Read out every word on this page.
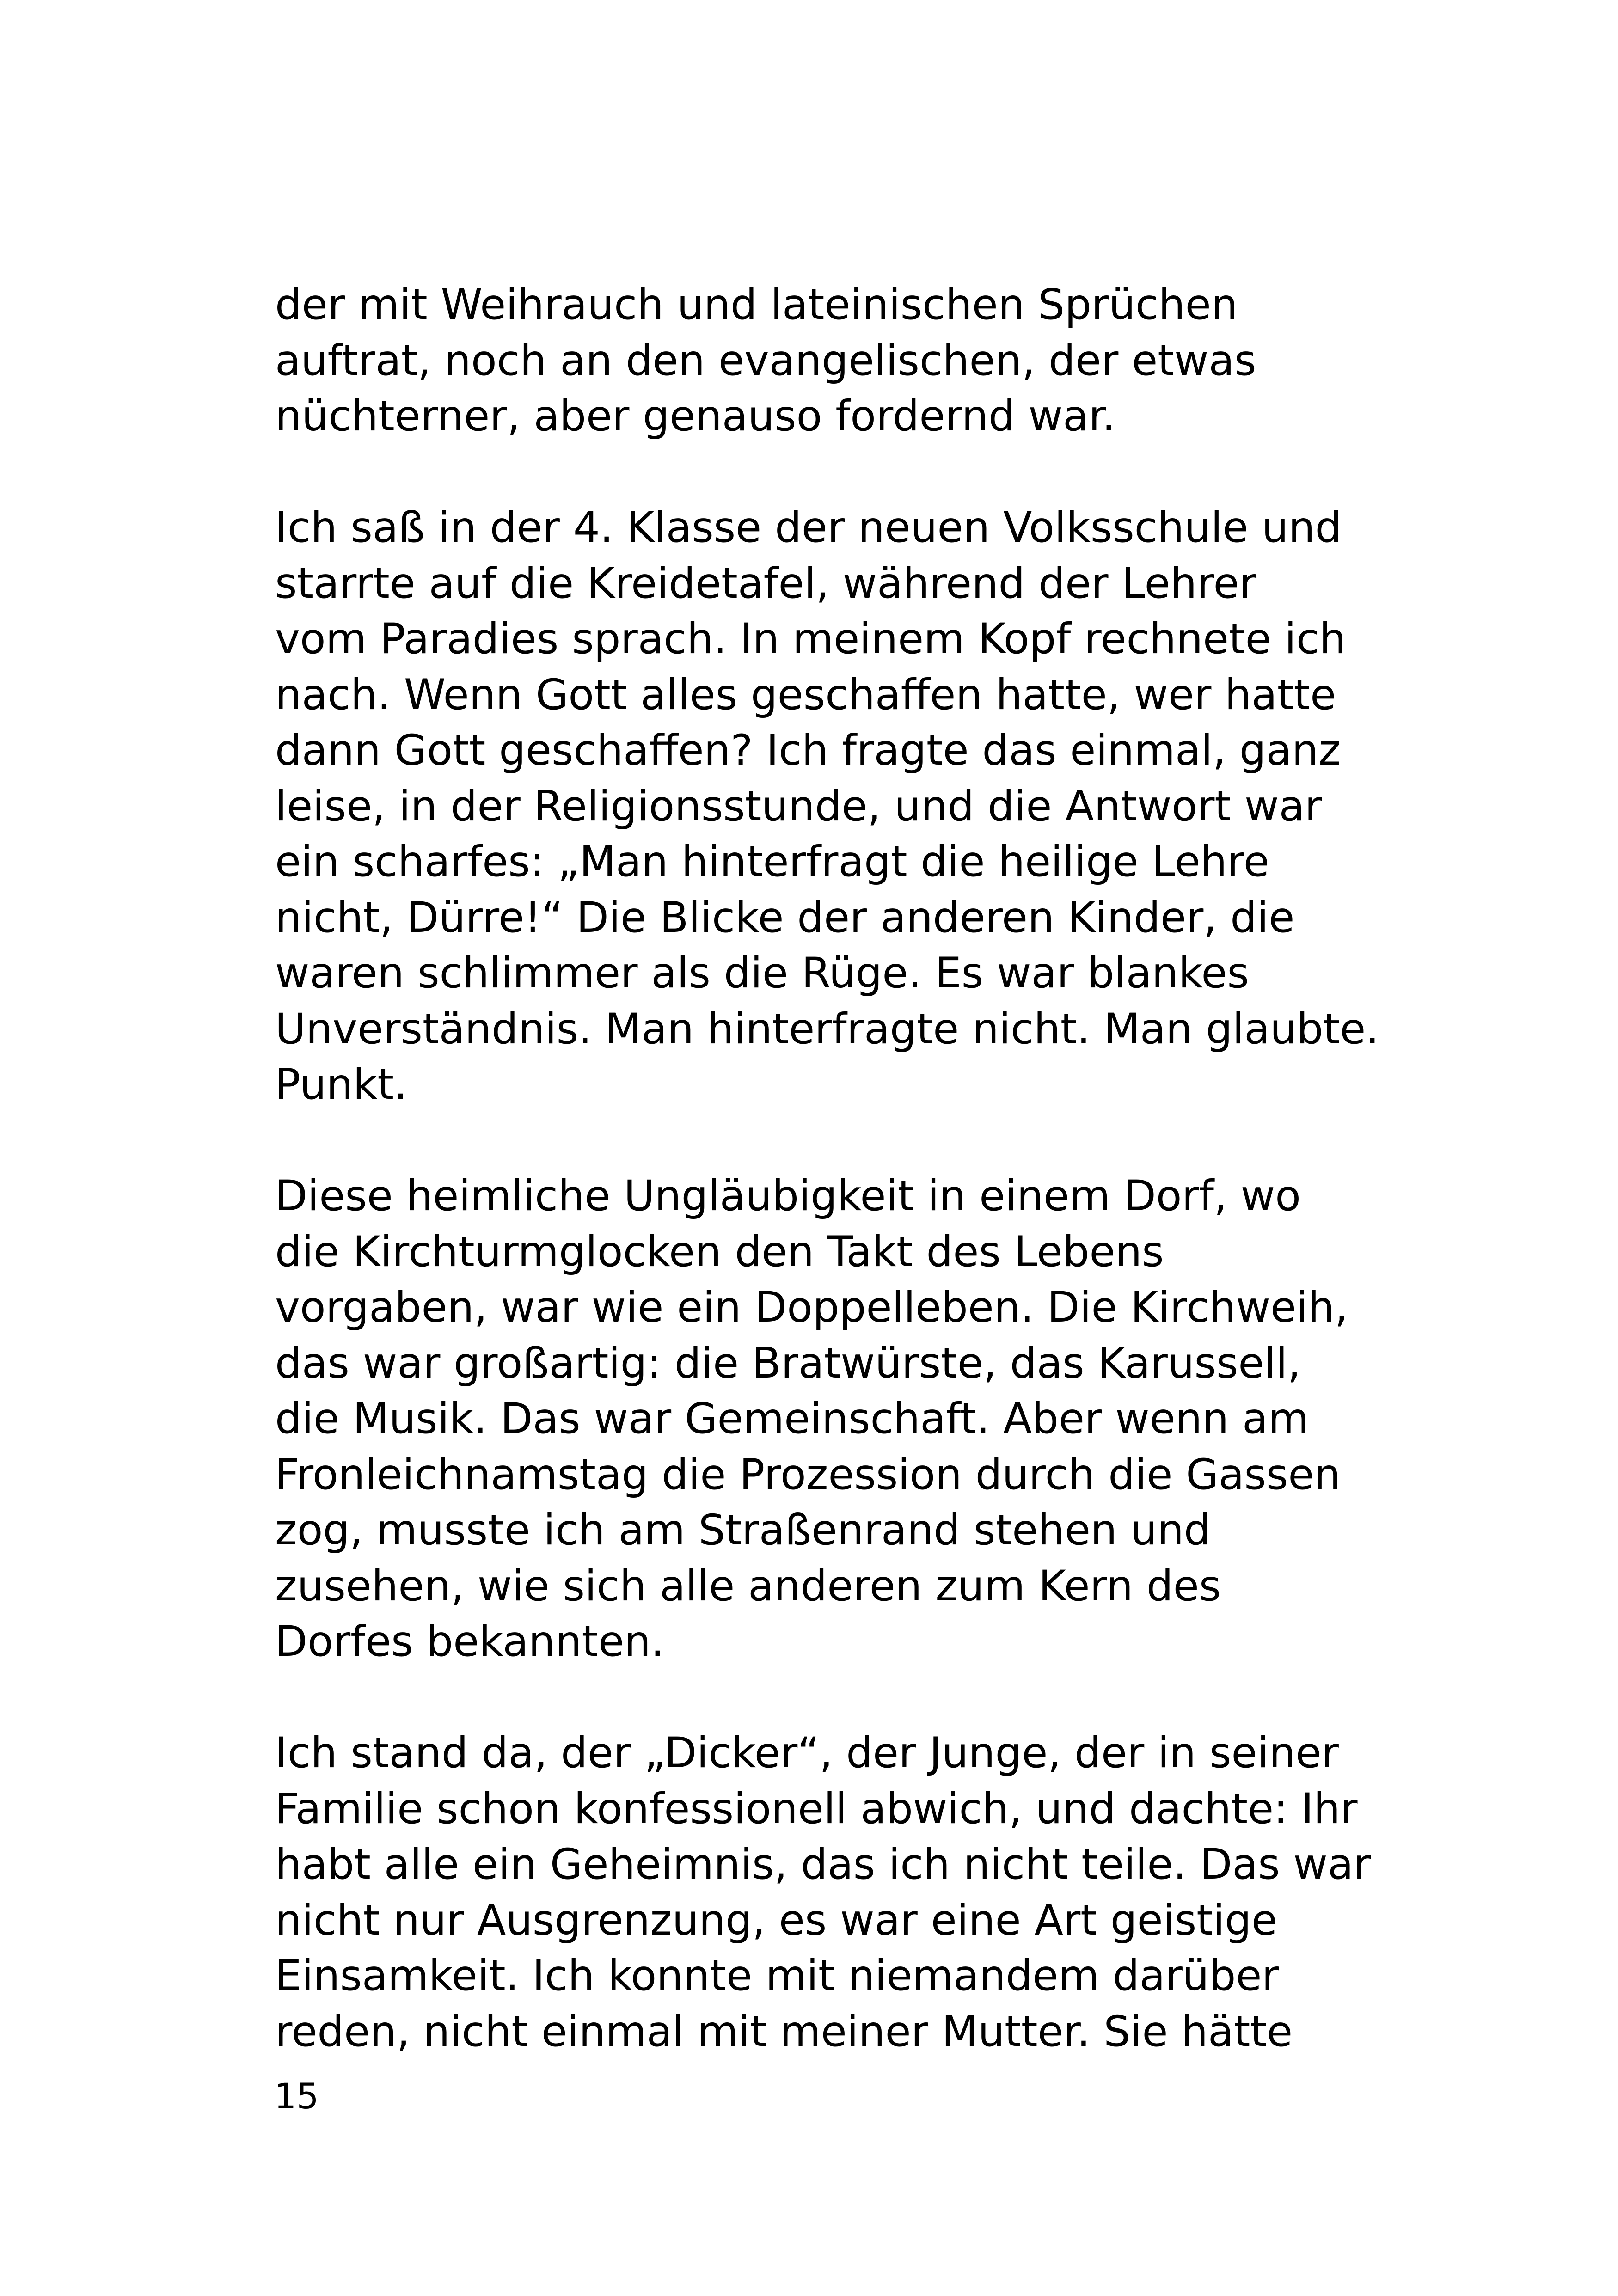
der mit Weihrauch und lateinischen Sprüchen
auftrat, noch an den evangelischen, der etwas
nüchterner, aber genauso fordernd war.
Ich saß in der 4. Klasse der neuen Volksschule und
starrte auf die Kreidetafel, während der Lehrer
vom Paradies sprach. In meinem Kopf rechnete ich
nach. Wenn Gott alles geschaffen hatte, wer hatte
dann Gott geschaffen? Ich fragte das einmal, ganz
leise, in der Religionsstunde, und die Antwort war
ein scharfes: „Man hinterfragt die heilige Lehre
nicht, Dürre!“ Die Blicke der anderen Kinder, die
waren schlimmer als die Rüge. Es war blankes
Unverständnis. Man hinterfragte nicht. Man glaubte.
Punkt.
Diese heimliche Ungläubigkeit in einem Dorf, wo
die Kirchturmglocken den Takt des Lebens
vorgaben, war wie ein Doppelleben. Die Kirchweih,
das war großartig: die Bratwürste, das Karussell,
die Musik. Das war Gemeinschaft. Aber wenn am
Fronleichnamstag die Prozession durch die Gassen
zog, musste ich am Straßenrand stehen und
zusehen, wie sich alle anderen zum Kern des
Dorfes bekannten.
Ich stand da, der „Dicker“, der Junge, der in seiner
Familie schon konfessionell abwich, und dachte: Ihr
habt alle ein Geheimnis, das ich nicht teile. Das war
nicht nur Ausgrenzung, es war eine Art geistige
Einsamkeit. Ich konnte mit niemandem darüber
reden, nicht einmal mit meiner Mutter. Sie hätte
15
